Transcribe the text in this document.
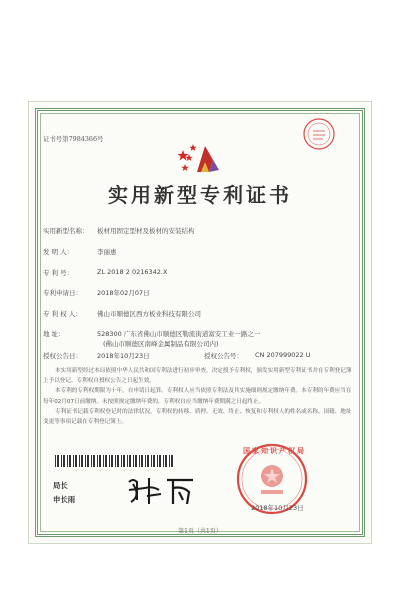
证书号第7984366号
实用新型专利证书
实用新型名称： 板材用固定型材及板材的安装结构
发 明 人：	李丽惠
专 利 号：	ZL 2018 2 0216342.X
专利申请日： 2018年02月07日
专 利 权 人： 佛山市顺德区西方板业科技有限公司
地 址：	528300 广东省佛山市顺德区勒流街道富安工业一路之一
(佛山市顺德区南峰金属制品有限公司内)
授权公告日： 2018年10月23日	授权公告号： CN 207999022 U
本实用新型经过本局依照中华人民共和国专利法进行初步审查，决定授予专利权，颁发实用新型专利证书并在专利登记簿上予以登记。专利权自授权公告之日起生效。
本专利的专利权期限为十年，自申请日起算。专利权人应当依照专利法及其实施细则规定缴纳年费。本专利的年费应当在每年02月07日前缴纳。未按照规定缴纳年费的，专利权自应当缴纳年费期满之日起终止。
专利证书记载专利权登记时的法律状况。专利权的转移、质押、无效、终止、恢复和专利权人的姓名或名称、国籍、地址变更等事项记载在专利登记簿上。
局长
申长雨
国家知识产权局
2018年10月23日
第1页（共1页）
